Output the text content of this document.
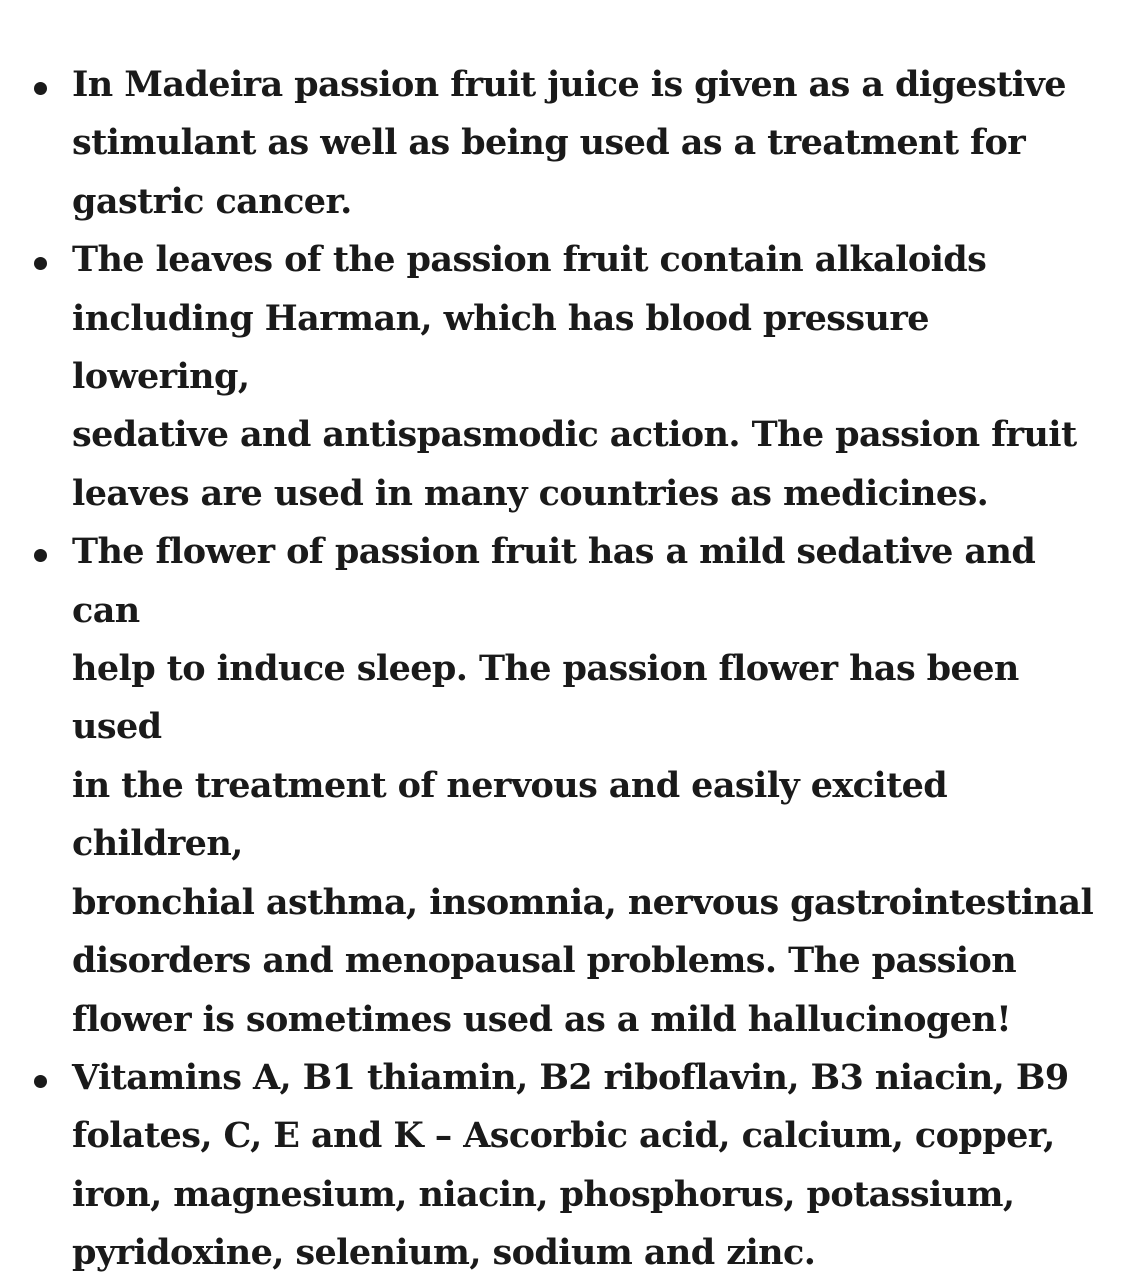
In Madeira passion fruit juice is given as a digestive
stimulant as well as being used as a treatment for
gastric cancer.
The leaves of the passion fruit contain alkaloids
including Harman, which has blood pressure lowering,
sedative and antispasmodic action. The passion fruit
leaves are used in many countries as medicines.
The flower of passion fruit has a mild sedative and can
help to induce sleep. The passion flower has been used
in the treatment of nervous and easily excited children,
bronchial asthma, insomnia, nervous gastrointestinal
disorders and menopausal problems. The passion
flower is sometimes used as a mild hallucinogen!
Vitamins A, B1 thiamin, B2 riboflavin, B3 niacin, B9
folates, C, E and K – Ascorbic acid, calcium, copper,
iron, magnesium, niacin, phosphorus, potassium,
pyridoxine, selenium, sodium and zinc.
